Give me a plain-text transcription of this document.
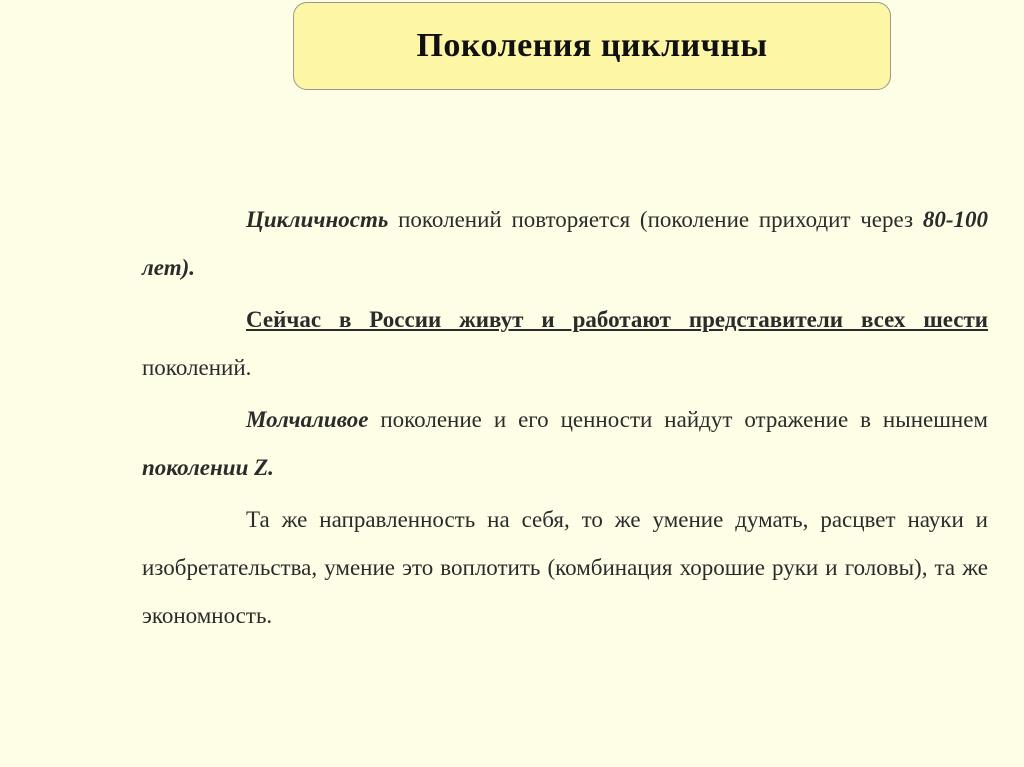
Поколения цикличны

Цикличность поколений повторяется (поколение приходит через 80-100 лет).

Сейчас в России живут и работают представители всех шести поколений.

Молчаливое поколение и его ценности найдут отражение в нынешнем поколении Z.

Та же направленность на себя, то же умение думать, расцвет науки и изобретательства, умение это воплотить (комбинация хорошие руки и головы), та же экономность.
